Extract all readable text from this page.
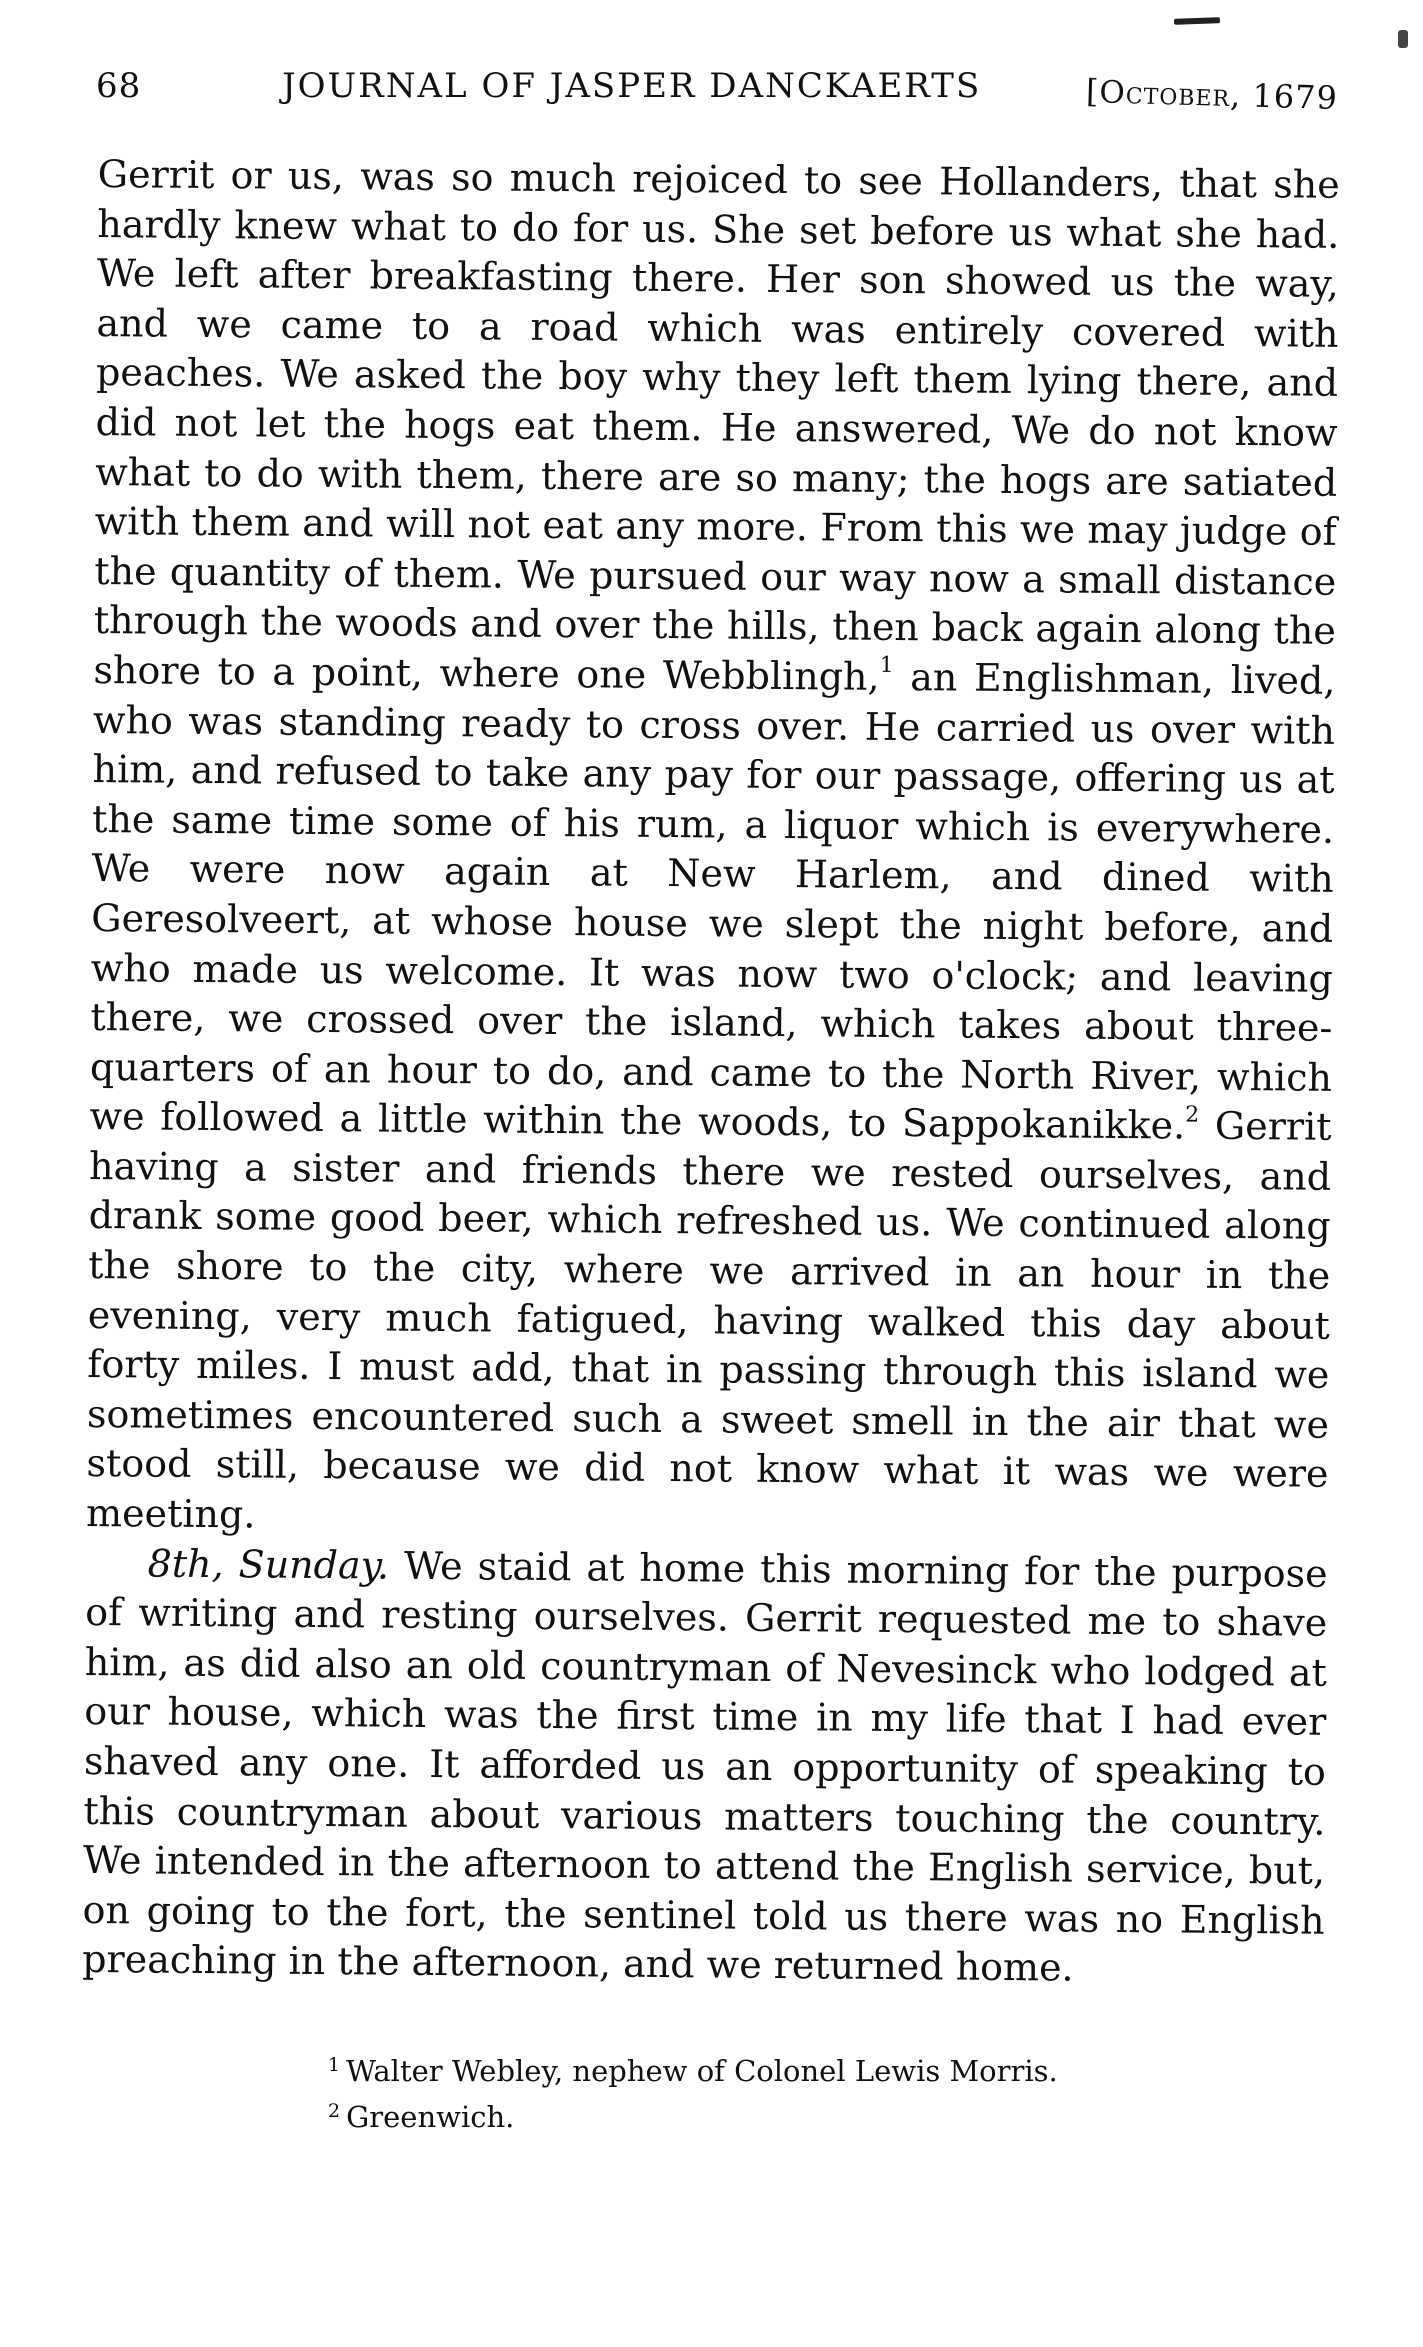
68	JOURNAL OF JASPER DANCKAERTS	[October, 1679

Gerrit or us, was so much rejoiced to see Hollanders, that she hardly knew what to do for us. She set before us what she had. We left after breakfasting there. Her son showed us the way, and we came to a road which was entirely covered with peaches. We asked the boy why they left them lying there, and did not let the hogs eat them. He answered, We do not know what to do with them, there are so many; the hogs are satiated with them and will not eat any more. From this we may judge of the quantity of them. We pursued our way now a small distance through the woods and over the hills, then back again along the shore to a point, where one Webblingh,$^1$ an Englishman, lived, who was standing ready to cross over. He carried us over with him, and refused to take any pay for our passage, offering us at the same time some of his rum, a liquor which is everywhere. We were now again at New Harlem, and dined with Geresolveert, at whose house we slept the night before, and who made us welcome. It was now two o'clock; and leaving there, we crossed over the island, which takes about three-quarters of an hour to do, and came to the North River, which we followed a little within the woods, to Sappokanikke.$^2$ Gerrit having a sister and friends there we rested ourselves, and drank some good beer, which refreshed us. We continued along the shore to the city, where we arrived in an hour in the evening, very much fatigued, having walked this day about forty miles. I must add, that in passing through this island we sometimes encountered such a sweet smell in the air that we stood still, because we did not know what it was we were meeting.

8th, Sunday. We staid at home this morning for the purpose of writing and resting ourselves. Gerrit requested me to shave him, as did also an old countryman of Nevesinck who lodged at our house, which was the first time in my life that I had ever shaved any one. It afforded us an opportunity of speaking to this countryman about various matters touching the country. We intended in the afternoon to attend the English service, but, on going to the fort, the sentinel told us there was no English preaching in the afternoon, and we returned home.

$^1$ Walter Webley, nephew of Colonel Lewis Morris.
$^2$ Greenwich.
